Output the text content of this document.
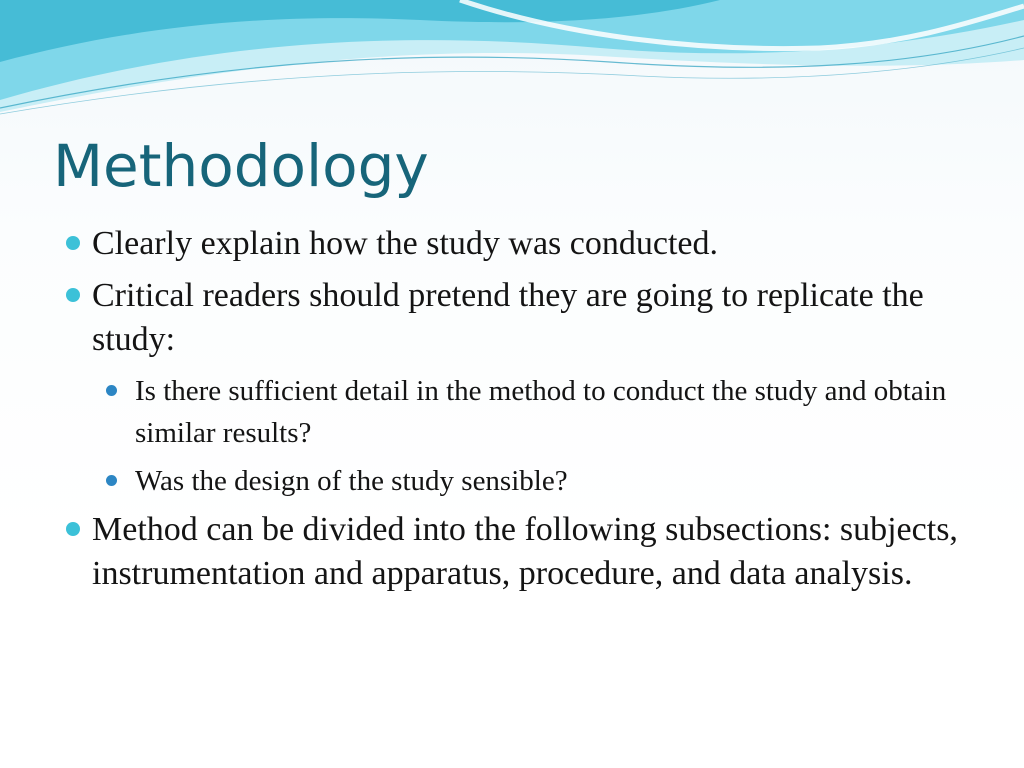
Methodology
Clearly explain how the study was conducted.
Critical readers should pretend they are going to replicate the study:
Is there sufficient detail in the method to conduct the study and obtain similar results?
Was the design of the study sensible?
Method can be divided into the following subsections: subjects, instrumentation and apparatus, procedure, and data analysis.
